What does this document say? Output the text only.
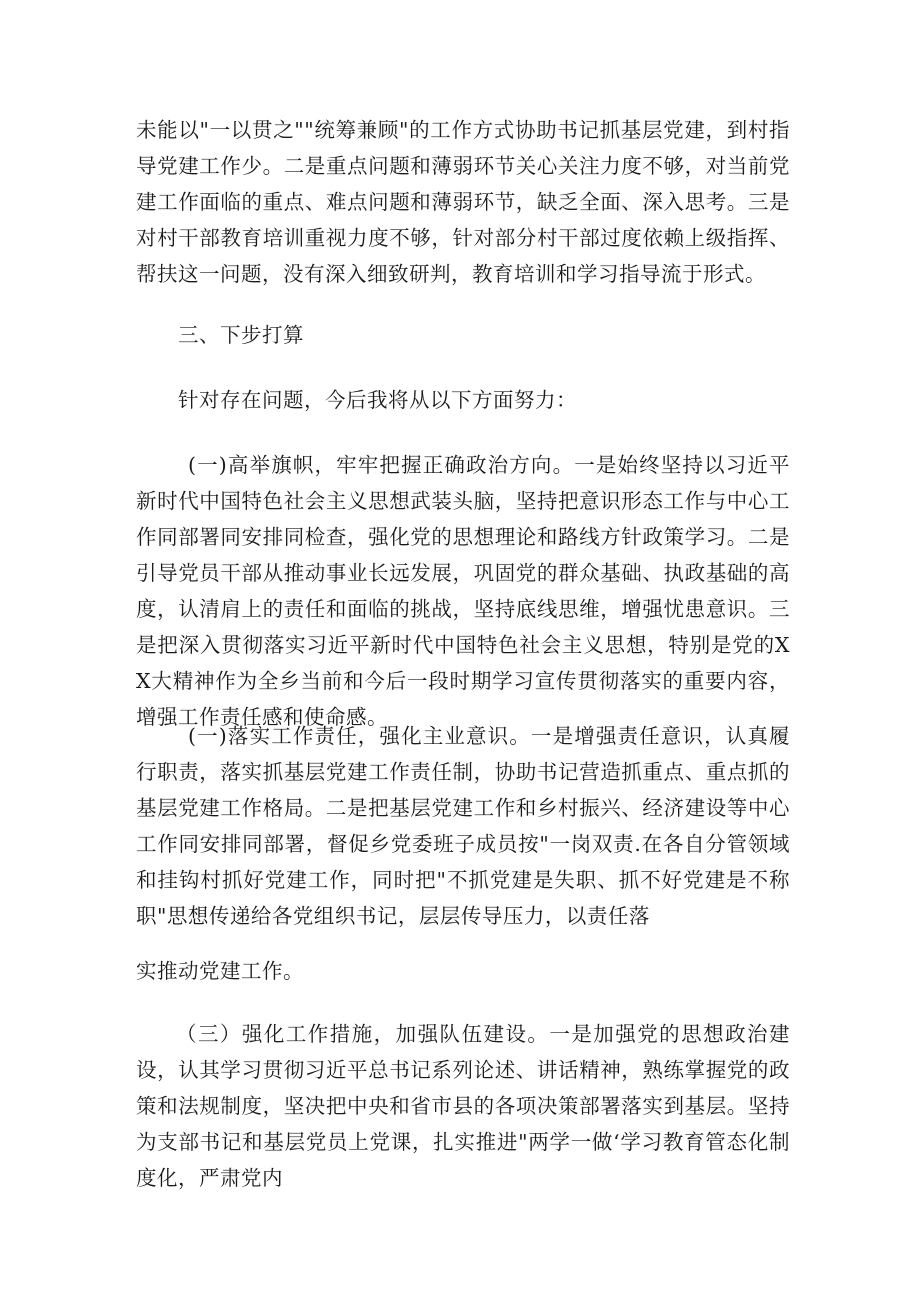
未能以"一以贯之""统筹兼顾"的工作方式协助书记抓基层党建，到村指导党建工作少。二是重点问题和薄弱环节关心关注力度不够，对当前党建工作面临的重点、难点问题和薄弱环节，缺乏全面、深入思考。三是对村干部教育培训重视力度不够，针对部分村干部过度依赖上级指挥、帮扶这一问题，没有深入细致研判，教育培训和学习指导流于形式。

三、下步打算

针对存在问题，今后我将从以下方面努力：

(一)高举旗帜，牢牢把握正确政治方向。一是始终坚持以习近平新时代中国特色社会主义思想武装头脑，坚持把意识形态工作与中心工作同部署同安排同检查，强化党的思想理论和路线方针政策学习。二是引导党员干部从推动事业长远发展，巩固党的群众基础、执政基础的高度，认清肩上的责任和面临的挑战，坚持底线思维，增强忧患意识。三是把深入贯彻落实习近平新时代中国特色社会主义思想，特别是党的XX大精神作为全乡当前和今后一段时期学习宣传贯彻落实的重要内容，增强工作责任感和使命感。

(一)落实工作责任，强化主业意识。一是增强责任意识，认真履行职责，落实抓基层党建工作责任制，协助书记营造抓重点、重点抓的基层党建工作格局。二是把基层党建工作和乡村振兴、经济建设等中心工作同安排同部署，督促乡党委班子成员按"一岗双责.在各自分管领域和挂钩村抓好党建工作，同时把"不抓党建是失职、抓不好党建是不称职"思想传递给各党组织书记，层层传导压力，以责任落

实推动党建工作。

（三）强化工作措施，加强队伍建设。一是加强党的思想政治建设，认其学习贯彻习近平总书记系列论述、讲话精神，熟练掌握党的政策和法规制度，坚决把中央和省市县的各项决策部署落实到基层。坚持为支部书记和基层党员上党课，扎实推进"两学一做‘学习教育管态化制度化，严肃党内
